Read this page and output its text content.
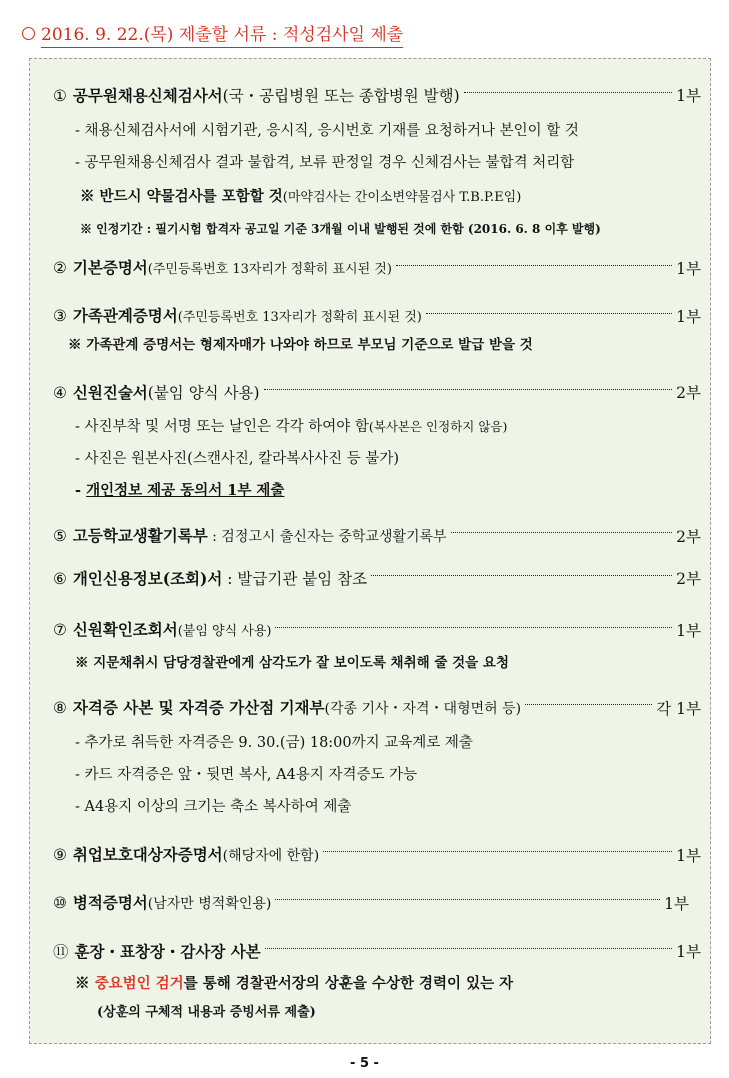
2016. 9. 22.(목) 제출할 서류 : 적성검사일 제출
① 공무원채용신체검사서(국・공립병원 또는 종합병원 발행)	1부
- 채용신체검사서에 시험기관, 응시직, 응시번호 기재를 요청하거나 본인이 할 것
- 공무원채용신체검사 결과 불합격, 보류 판정일 경우 신체검사는 불합격 처리함
※ 반드시 약물검사를 포함할 것(마약검사는 간이소변약물검사 T.B.P.E임)
※ 인정기간 : 필기시험 합격자 공고일 기준 3개월 이내 발행된 것에 한함 (2016. 6. 8 이후 발행)
② 기본증명서(주민등록번호 13자리가 정확히 표시된 것)	1부
③ 가족관계증명서(주민등록번호 13자리가 정확히 표시된 것)	1부
※ 가족관계 증명서는 형제자매가 나와야 하므로 부모님 기준으로 발급 받을 것
④ 신원진술서(붙임 양식 사용)	2부
- 사진부착 및 서명 또는 날인은 각각 하여야 함(복사본은 인정하지 않음)
- 사진은 원본사진(스캔사진, 칼라복사사진 등 불가)
- 개인정보 제공 동의서 1부 제출
⑤ 고등학교생활기록부 : 검정고시 출신자는 중학교생활기록부	2부
⑥ 개인신용정보(조회)서 : 발급기관 붙임 참조	2부
⑦ 신원확인조회서(붙임 양식 사용)	1부
※ 지문채취시 담당경찰관에게 삼각도가 잘 보이도록 채취해 줄 것을 요청
⑧ 자격증 사본 및 자격증 가산점 기재부(각종 기사・자격・대형면허 등)	각 1부
- 추가로 취득한 자격증은 9. 30.(금) 18:00까지 교육계로 제출
- 카드 자격증은 앞・뒷면 복사, A4용지 자격증도 가능
- A4용지 이상의 크기는 축소 복사하여 제출
⑨ 취업보호대상자증명서(해당자에 한함)	1부
⑩ 병적증명서(남자만 병적확인용)	1부
⑪ 훈장・표창장・감사장 사본	1부
※ 중요범인 검거를 통해 경찰관서장의 상훈을 수상한 경력이 있는 자
(상훈의 구체적 내용과 증빙서류 제출)
- 5 -
